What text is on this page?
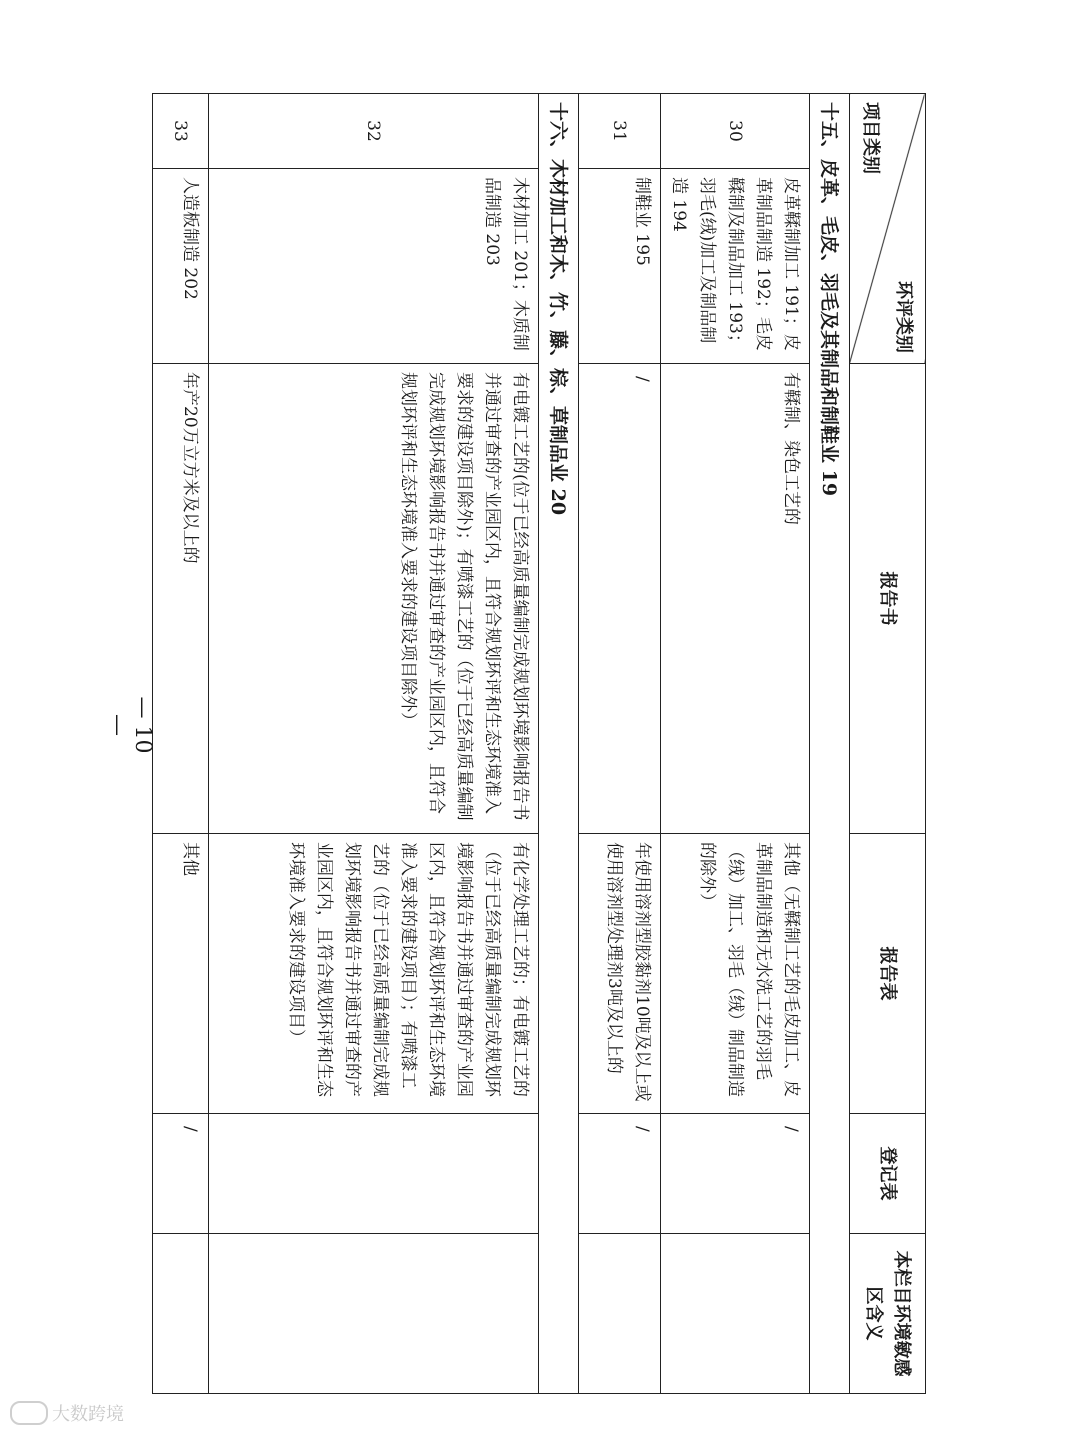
环评类别
项目类别		报告书	报告表	登记表	本栏目环境敏感区含义
十五、皮革、毛皮、羽毛及其制品和制鞋业 19					
30	皮革鞣制加工 191；皮革制品制造 192；毛皮鞣制及制品加工 193；羽毛(绒)加工及制品制造 194	有鞣制、染色工艺的	其他（无鞣制工艺的毛皮加工、皮革制品制造和无水洗工艺的羽毛（绒）加工、羽毛（绒）制品制造的除外）	/	
31	制鞋业 195	/	年使用溶剂型胶黏剂10吨及以上或使用溶剂型处理剂3吨及以上的	/	
十六、木材加工和木、竹、藤、棕、草制品业 20					
32	木材加工 201；木质制品制造 203	有电镀工艺的(位于已经高质量编制完成规划环境影响报告书并通过审查的产业园区内，且符合规划环评和生态环境准入要求的建设项目除外)；有喷漆工艺的（位于已经高质量编制完成规划环境影响报告书并通过审查的产业园区内，且符合规划环评和生态环境准入要求的建设项目除外）	有化学处理工艺的；有电镀工艺的（位于已经高质量编制完成规划环境影响报告书并通过审查的产业园区内，且符合规划环评和生态环境准入要求的建设项目）；有喷漆工艺的（位于已经高质量编制完成规划环境影响报告书并通过审查的产业园区内，且符合规划环评和生态环境准入要求的建设项目）		
33	人造板制造 202	年产20万立方米及以上的	其他	/	
— 10 —
大数跨境
